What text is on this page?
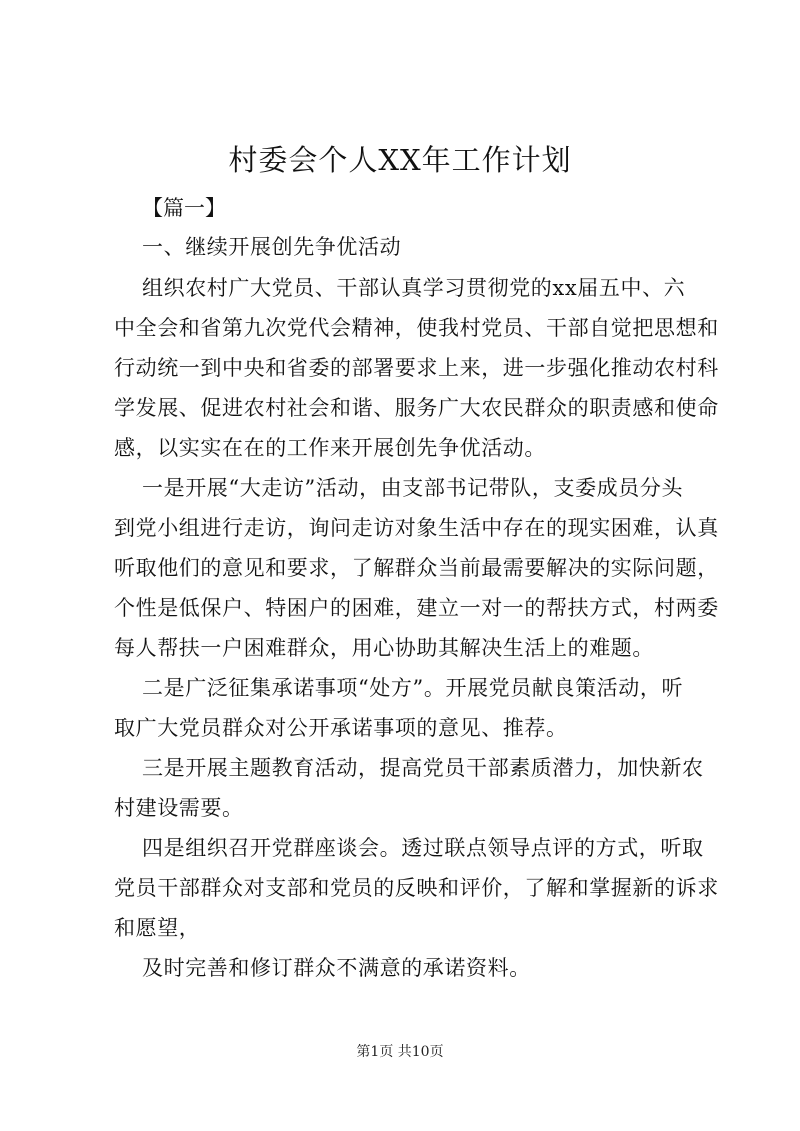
村委会个人XX年工作计划

【篇一】

一、继续开展创先争优活动

组织农村广大党员、干部认真学习贯彻党的xx届五中、六
中全会和省第九次党代会精神，使我村党员、干部自觉把思想和
行动统一到中央和省委的部署要求上来，进一步强化推动农村科
学发展、促进农村社会和谐、服务广大农民群众的职责感和使命
感，以实实在在的工作来开展创先争优活动。

一是开展“大走访”活动，由支部书记带队，支委成员分头
到党小组进行走访，询问走访对象生活中存在的现实困难，认真
听取他们的意见和要求，了解群众当前最需要解决的实际问题，
个性是低保户、特困户的困难，建立一对一的帮扶方式，村两委
每人帮扶一户困难群众，用心协助其解决生活上的难题。

二是广泛征集承诺事项“处方”。开展党员献良策活动，听
取广大党员群众对公开承诺事项的意见、推荐。

三是开展主题教育活动，提高党员干部素质潜力，加快新农
村建设需要。

四是组织召开党群座谈会。透过联点领导点评的方式，听取
党员干部群众对支部和党员的反映和评价，了解和掌握新的诉求
和愿望，

及时完善和修订群众不满意的承诺资料。

第1页 共10页
